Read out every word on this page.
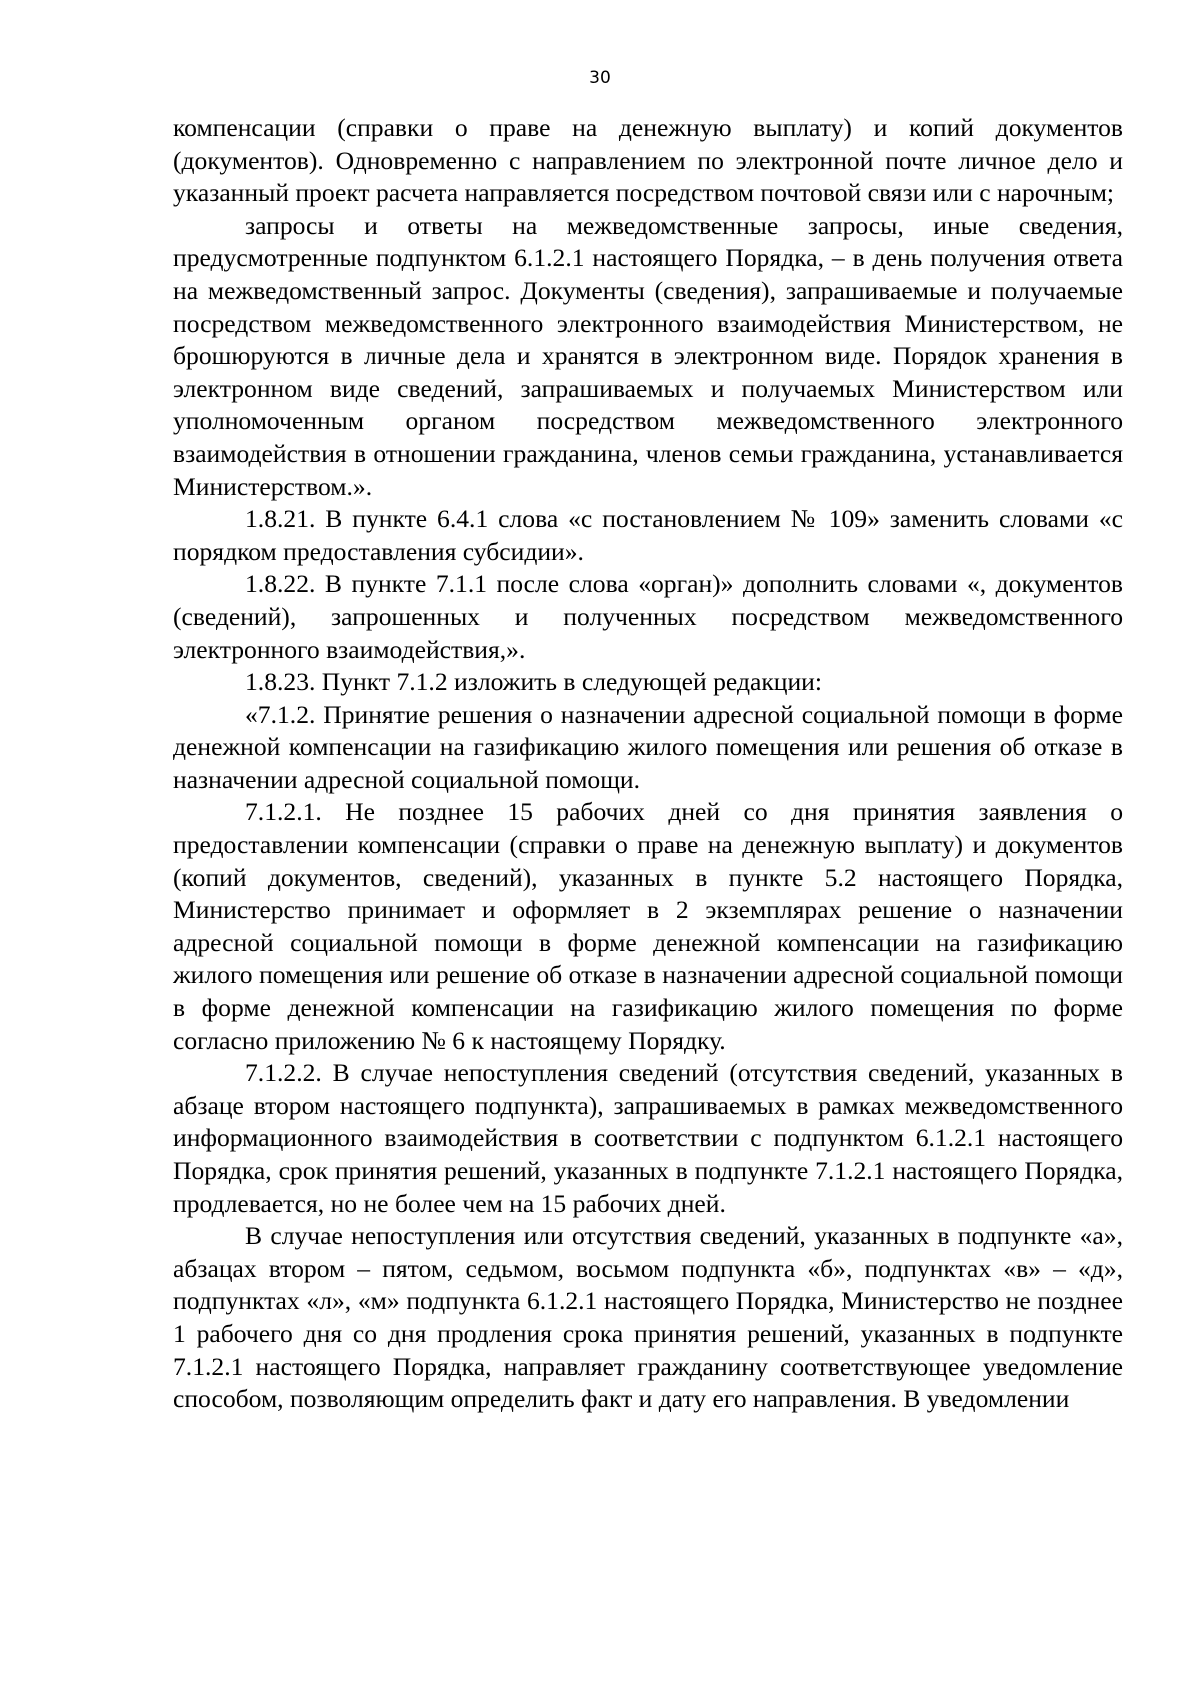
30

компенсации (справки о праве на денежную выплату) и копий документов (документов). Одновременно с направлением по электронной почте личное дело и указанный проект расчета направляется посредством почтовой связи или с нарочным;

запросы и ответы на межведомственные запросы, иные сведения, предусмотренные подпунктом 6.1.2.1 настоящего Порядка, – в день получения ответа на межведомственный запрос. Документы (сведения), запрашиваемые и получаемые посредством межведомственного электронного взаимодействия Министерством, не брошюруются в личные дела и хранятся в электронном виде. Порядок хранения в электронном виде сведений, запрашиваемых и получаемых Министерством или уполномоченным органом посредством межведомственного электронного взаимодействия в отношении гражданина, членов семьи гражданина, устанавливается Министерством.».

1.8.21. В пункте 6.4.1 слова «с постановлением № 109» заменить словами «с порядком предоставления субсидии».

1.8.22. В пункте 7.1.1 после слова «орган)» дополнить словами «, документов (сведений), запрошенных и полученных посредством межведомственного электронного взаимодействия,».

1.8.23. Пункт 7.1.2 изложить в следующей редакции:

«7.1.2. Принятие решения о назначении адресной социальной помощи в форме денежной компенсации на газификацию жилого помещения или решения об отказе в назначении адресной социальной помощи.

7.1.2.1. Не позднее 15 рабочих дней со дня принятия заявления о предоставлении компенсации (справки о праве на денежную выплату) и документов (копий документов, сведений), указанных в пункте 5.2 настоящего Порядка, Министерство принимает и оформляет в 2 экземплярах решение о назначении адресной социальной помощи в форме денежной компенсации на газификацию жилого помещения или решение об отказе в назначении адресной социальной помощи в форме денежной компенсации на газификацию жилого помещения по форме согласно приложению № 6 к настоящему Порядку.

7.1.2.2. В случае непоступления сведений (отсутствия сведений, указанных в абзаце втором настоящего подпункта), запрашиваемых в рамках межведомственного информационного взаимодействия в соответствии с подпунктом 6.1.2.1 настоящего Порядка, срок принятия решений, указанных в подпункте 7.1.2.1 настоящего Порядка, продлевается, но не более чем на 15 рабочих дней.

В случае непоступления или отсутствия сведений, указанных в подпункте «а», абзацах втором – пятом, седьмом, восьмом подпункта «б», подпунктах «в» – «д», подпунктах «л», «м» подпункта 6.1.2.1 настоящего Порядка, Министерство не позднее 1 рабочего дня со дня продления срока принятия решений, указанных в подпункте 7.1.2.1 настоящего Порядка, направляет гражданину соответствующее уведомление способом, позволяющим определить факт и дату его направления. В уведомлении
